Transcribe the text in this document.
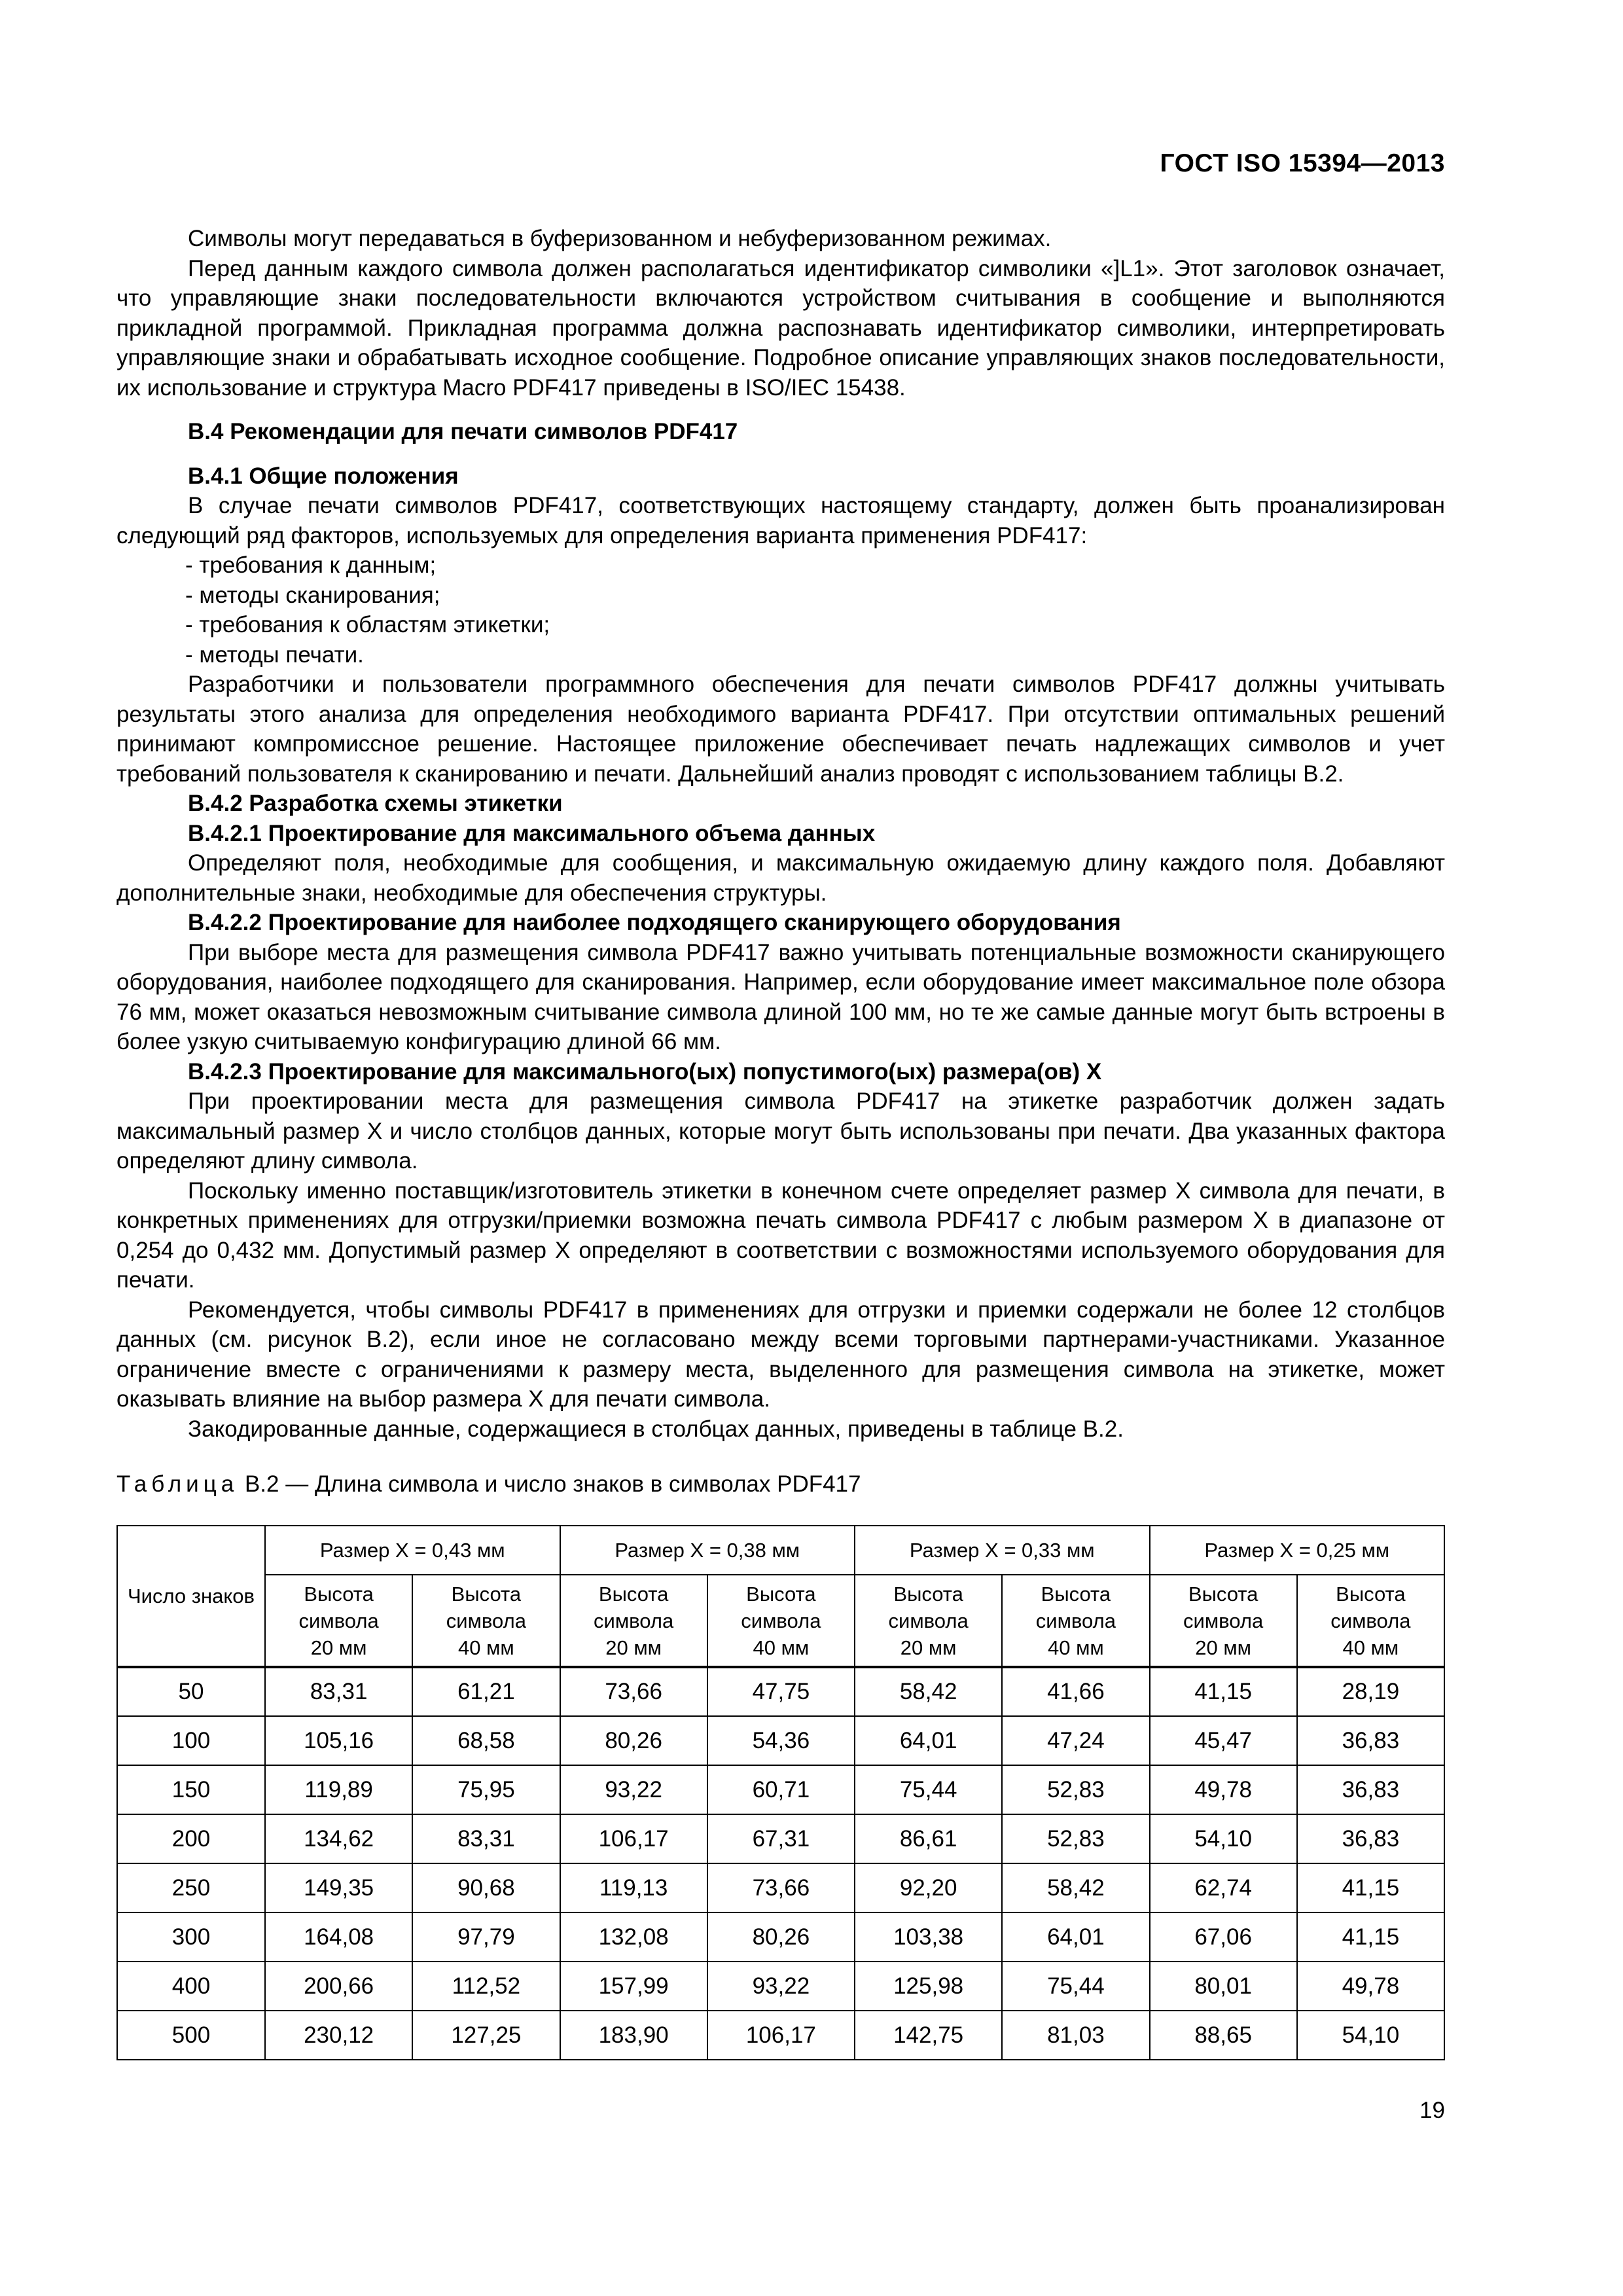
ГОСТ ISO 15394—2013

Символы могут передаваться в буферизованном и небуферизованном режимах.

Перед данным каждого символа должен располагаться идентификатор символики «]L1». Этот заголовок означает, что управляющие знаки последовательности включаются устройством считывания в сообщение и выполняются прикладной программой. Прикладная программа должна распознавать идентификатор символики, интерпретировать управляющие знаки и обрабатывать исходное сообщение. Подробное описание управляющих знаков последовательности, их использование и структура Macro PDF417 приведены в ISO/IEC 15438.

В.4 Рекомендации для печати символов PDF417

В.4.1 Общие положения

В случае печати символов PDF417, соответствующих настоящему стандарту, должен быть проанализирован следующий ряд факторов, используемых для определения варианта применения PDF417:

- требования к данным;

- методы сканирования;

- требования к областям этикетки;

- методы печати.

Разработчики и пользователи программного обеспечения для печати символов PDF417 должны учитывать результаты этого анализа для определения необходимого варианта PDF417. При отсутствии оптимальных решений принимают компромиссное решение. Настоящее приложение обеспечивает печать надлежащих символов и учет требований пользователя к сканированию и печати. Дальнейший анализ проводят с использованием таблицы В.2.

В.4.2 Разработка схемы этикетки

В.4.2.1 Проектирование для максимального объема данных

Определяют поля, необходимые для сообщения, и максимальную ожидаемую длину каждого поля. Добавляют дополнительные знаки, необходимые для обеспечения структуры.

В.4.2.2 Проектирование для наиболее подходящего сканирующего оборудования

При выборе места для размещения символа PDF417 важно учитывать потенциальные возможности сканирующего оборудования, наиболее подходящего для сканирования. Например, если оборудование имеет максимальное поле обзора 76 мм, может оказаться невозможным считывание символа длиной 100 мм, но те же самые данные могут быть встроены в более узкую считываемую конфигурацию длиной 66 мм.

В.4.2.3 Проектирование для максимального(ых) попустимого(ых) размера(ов) X

При проектировании места для размещения символа PDF417 на этикетке разработчик должен задать максимальный размер X и число столбцов данных, которые могут быть использованы при печати. Два указанных фактора определяют длину символа.

Поскольку именно поставщик/изготовитель этикетки в конечном счете определяет размер X символа для печати, в конкретных применениях для отгрузки/приемки возможна печать символа PDF417 с любым размером X в диапазоне от 0,254 до 0,432 мм. Допустимый размер X определяют в соответствии с возможностями используемого оборудования для печати.

Рекомендуется, чтобы символы PDF417 в применениях для отгрузки и приемки содержали не более 12 столбцов данных (см. рисунок В.2), если иное не согласовано между всеми торговыми партнерами-участниками. Указанное ограничение вместе с ограничениями к размеру места, выделенного для размещения символа на этикетке, может оказывать влияние на выбор размера X для печати символа.

Закодированные данные, содержащиеся в столбцах данных, приведены в таблице В.2.

Таблица В.2 — Длина символа и число знаков в символах PDF417
Число знаков	Размер X = 0,43 мм		Размер X = 0,38 мм		Размер X = 0,33 мм		Размер X = 0,25 мм	

	Высота
символа
20 мм	Высота
символа
40 мм	Высота
символа
20 мм	Высота
символа
40 мм	Высота
символа
20 мм	Высота
символа
40 мм	Высота
символа
20 мм	Высота
символа
40 мм

50	83,31	61,21	73,66	47,75	58,42	41,66	41,15	28,19
100	105,16	68,58	80,26	54,36	64,01	47,24	45,47	36,83
150	119,89	75,95	93,22	60,71	75,44	52,83	49,78	36,83
200	134,62	83,31	106,17	67,31	86,61	52,83	54,10	36,83
250	149,35	90,68	119,13	73,66	92,20	58,42	62,74	41,15
300	164,08	97,79	132,08	80,26	103,38	64,01	67,06	41,15
400	200,66	112,52	157,99	93,22	125,98	75,44	80,01	49,78
500	230,12	127,25	183,90	106,17	142,75	81,03	88,65	54,10
19
